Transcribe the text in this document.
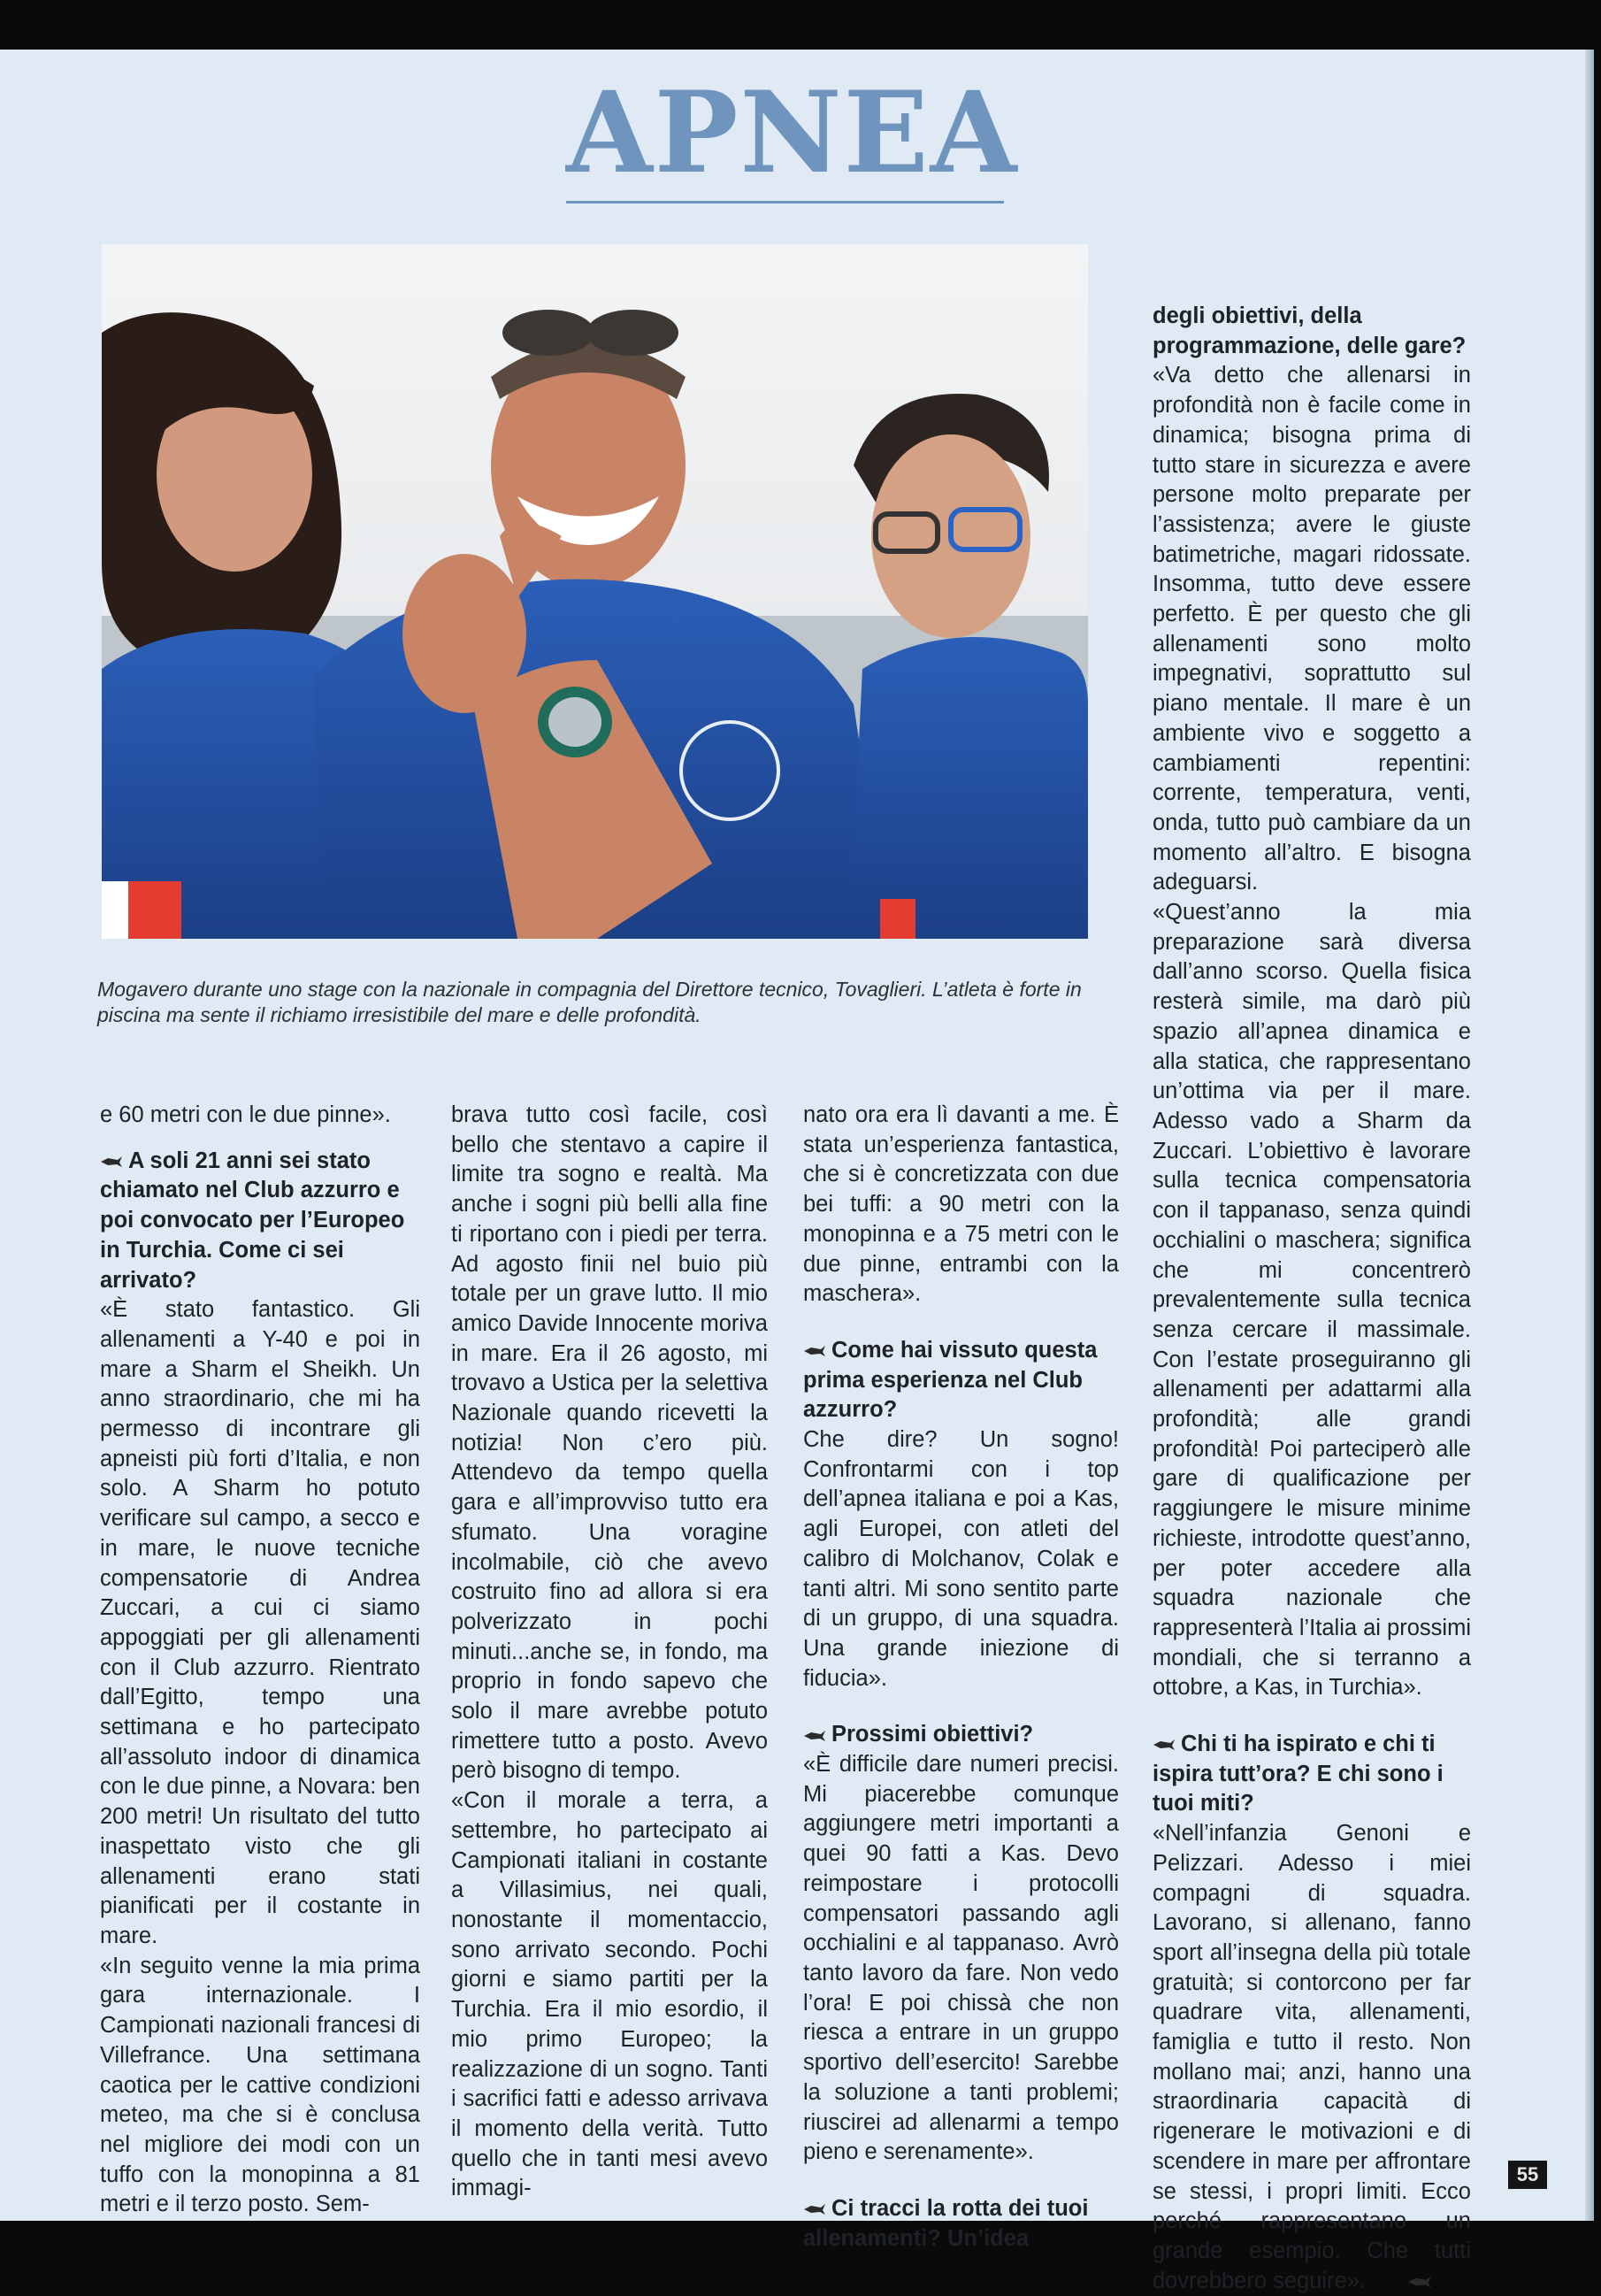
APNEA

Mogavero durante uno stage con la nazionale in compagnia del Direttore tecnico, Tovaglieri. L’atleta è forte in piscina ma sente il richiamo irresistibile del mare e delle profondità.

e 60 metri con le due pinne».

A soli 21 anni sei stato chiamato nel Club azzurro e poi convocato per l’Europeo in Turchia. Come ci sei arrivato?

«È stato fantastico. Gli allenamenti a Y-40 e poi in mare a Sharm el Sheikh. Un anno straordinario, che mi ha permesso di incontrare gli apneisti più forti d’Italia, e non solo. A Sharm ho potuto verificare sul campo, a secco e in mare, le nuove tecniche compensatorie di Andrea Zuccari, a cui ci siamo appoggiati per gli allenamenti con il Club azzurro. Rientrato dall’Egitto, tempo una settimana e ho partecipato all’assoluto indoor di dinamica con le due pinne, a Novara: ben 200 metri! Un risultato del tutto inaspettato visto che gli allenamenti erano stati pianificati per il costante in mare.

«In seguito venne la mia prima gara internazionale. I Campionati nazionali francesi di Villefrance. Una settimana caotica per le cattive condizioni meteo, ma che si è conclusa nel migliore dei modi con un tuffo con la monopinna a 81 metri e il terzo posto. Sem-

brava tutto così facile, così bello che stentavo a capire il limite tra sogno e realtà. Ma anche i sogni più belli alla fine ti riportano con i piedi per terra. Ad agosto finii nel buio più totale per un grave lutto. Il mio amico Davide Innocente moriva in mare. Era il 26 agosto, mi trovavo a Ustica per la selettiva Nazionale quando ricevetti la notizia! Non c’ero più. Attendevo da tempo quella gara e all’improvviso tutto era sfumato. Una voragine incolmabile, ciò che avevo costruito fino ad allora si era polverizzato in pochi minuti...anche se, in fondo, ma proprio in fondo sapevo che solo il mare avrebbe potuto rimettere tutto a posto. Avevo però bisogno di tempo.

«Con il morale a terra, a settembre, ho partecipato ai Campionati italiani in costante a Villasimius, nei quali, nonostante il momentaccio, sono arrivato secondo. Pochi giorni e siamo partiti per la Turchia. Era il mio esordio, il mio primo Europeo; la realizzazione di un sogno. Tanti i sacrifici fatti e adesso arrivava il momento della verità. Tutto quello che in tanti mesi avevo immagi-

nato ora era lì davanti a me. È stata un’esperienza fantastica, che si è concretizzata con due bei tuffi: a 90 metri con la monopinna e a 75 metri con le due pinne, entrambi con la maschera».

Come hai vissuto questa prima esperienza nel Club azzurro?

Che dire? Un sogno! Confrontarmi con i top dell’apnea italiana e poi a Kas, agli Europei, con atleti del calibro di Molchanov, Colak e tanti altri. Mi sono sentito parte di un gruppo, di una squadra. Una grande iniezione di fiducia».

Prossimi obiettivi?

«È difficile dare numeri precisi. Mi piacerebbe comunque aggiungere metri importanti a quei 90 fatti a Kas. Devo reimpostare i protocolli compensatori passando agli occhialini e al tappanaso. Avrò tanto lavoro da fare. Non vedo l’ora! E poi chissà che non riesca a entrare in un gruppo sportivo dell’esercito! Sarebbe la soluzione a tanti problemi; riuscirei ad allenarmi a tempo pieno e serenamente».

Ci tracci la rotta dei tuoi allenamenti? Un’idea

degli obiettivi, della programmazione, delle gare?

«Va detto che allenarsi in profondità non è facile come in dinamica; bisogna prima di tutto stare in sicurezza e avere persone molto preparate per l’assistenza; avere le giuste batimetriche, magari ridossate. Insomma, tutto deve essere perfetto. È per questo che gli allenamenti sono molto impegnativi, soprattutto sul piano mentale. Il mare è un ambiente vivo e soggetto a cambiamenti repentini: corrente, temperatura, venti, onda, tutto può cambiare da un momento all’altro. E bisogna adeguarsi.

«Quest’anno la mia preparazione sarà diversa dall’anno scorso. Quella fisica resterà simile, ma darò più spazio all’apnea dinamica e alla statica, che rappresentano un’ottima via per il mare. Adesso vado a Sharm da Zuccari. L’obiettivo è lavorare sulla tecnica compensatoria con il tappanaso, senza quindi occhialini o maschera; significa che mi concentrerò prevalentemente sulla tecnica senza cercare il massimale. Con l’estate proseguiranno gli allenamenti per adattarmi alla profondità; alle grandi profondità! Poi parteciperò alle gare di qualificazione per raggiungere le misure minime richieste, introdotte quest’anno, per poter accedere alla squadra nazionale che rappresenterà l’Italia ai prossimi mondiali, che si terranno a ottobre, a Kas, in Turchia».

Chi ti ha ispirato e chi ti ispira tutt’ora? E chi sono i tuoi miti?

«Nell’infanzia Genoni e Pelizzari. Adesso i miei compagni di squadra. Lavorano, si allenano, fanno sport all’insegna della più totale gratuità; si contorcono per far quadrare vita, allenamenti, famiglia e tutto il resto. Non mollano mai; anzi, hanno una straordinaria capacità di rigenerare le motivazioni e di scendere in mare per affrontare se stessi, i propri limiti. Ecco perché rappresentano un grande esempio. Che tutti dovrebbero seguire».

55
